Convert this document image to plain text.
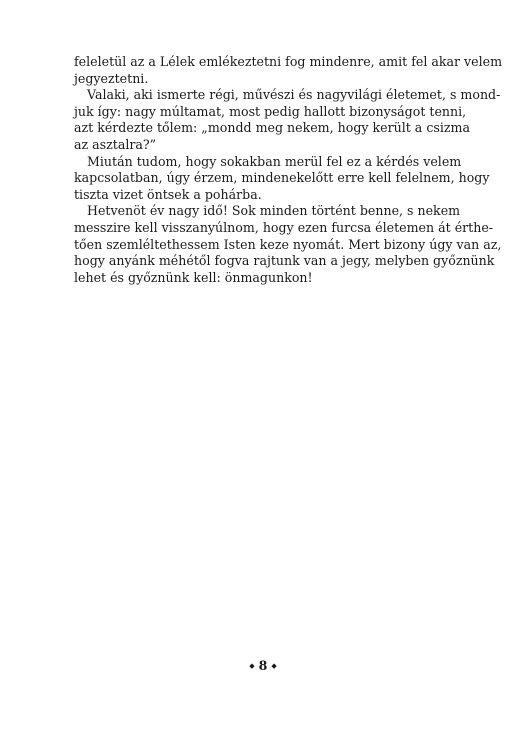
feleletül az a Lélek emlékeztetni fog mindenre, amit fel akar velem
jegyeztetni.
Valaki, aki ismerte régi, művészi és nagyvilági életemet, s mond-
juk így: nagy múltamat, most pedig hallott bizonyságot tenni,
azt kérdezte tőlem: „mondd meg nekem, hogy került a csizma
az asztalra?”
Miután tudom, hogy sokakban merül fel ez a kérdés velem
kapcsolatban, úgy érzem, mindenekelőtt erre kell felelnem, hogy
tiszta vizet öntsek a pohárba.
Hetvenöt év nagy idő! Sok minden történt benne, s nekem
messzire kell visszanyúlnom, hogy ezen furcsa életemen át érthe-
tően szemléltethessem Isten keze nyomát. Mert bizony úgy van az,
hogy anyánk méhétől fogva rajtunk van a jegy, melyben győznünk
lehet és győznünk kell: önmagunkon!
◆ 8 ◆
